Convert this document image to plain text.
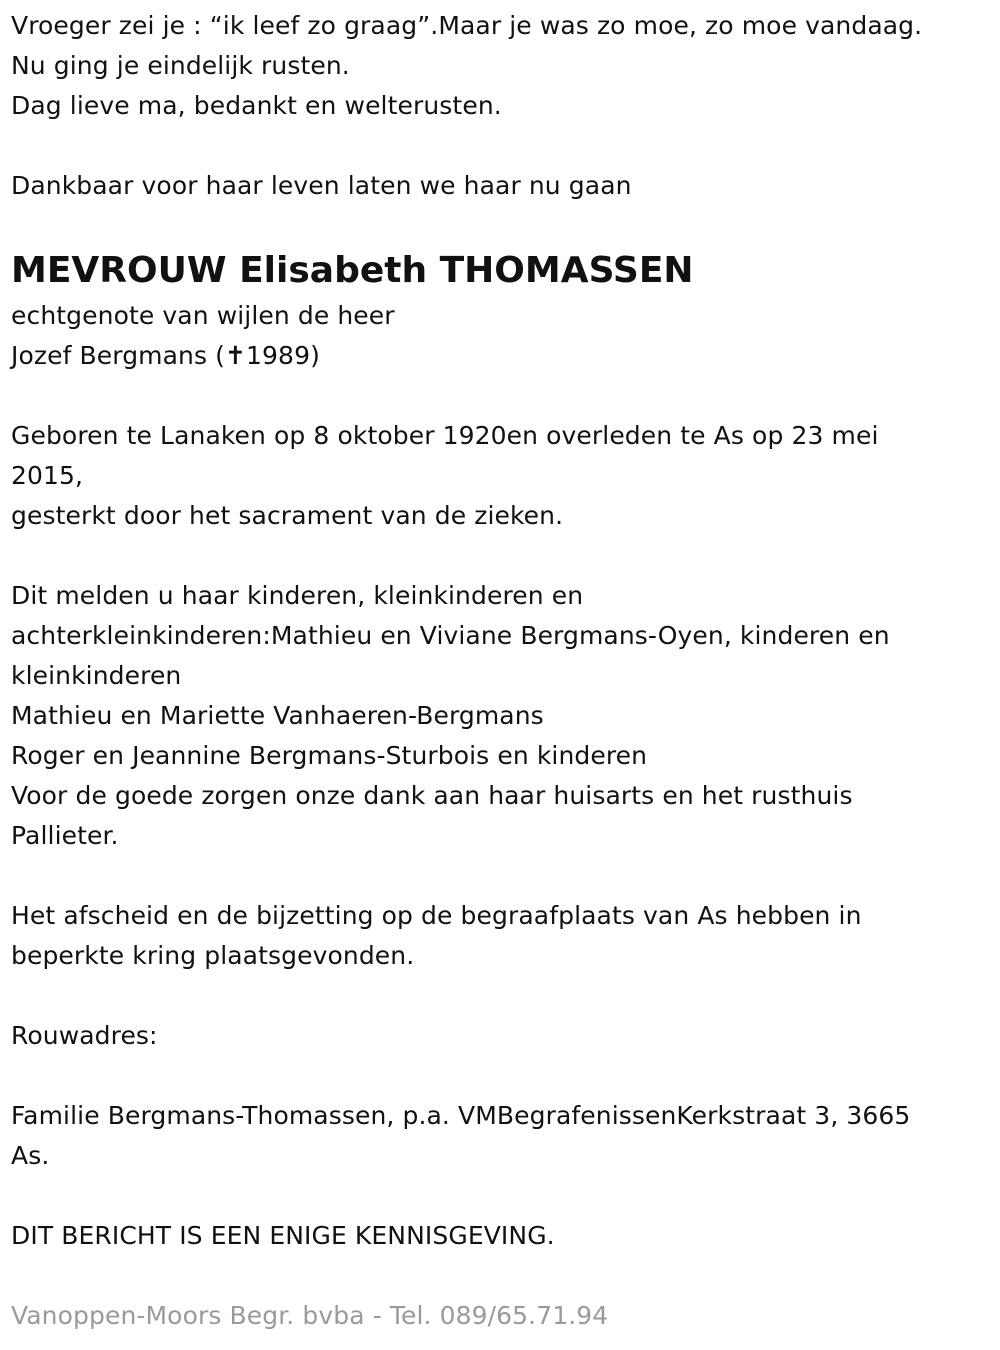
Vroeger zei je : “ik leef zo graag”.Maar je was zo moe, zo moe vandaag.
Nu ging je eindelijk rusten.
Dag lieve ma, bedankt en welterusten.
Dankbaar voor haar leven laten we haar nu gaan
MEVROUW Elisabeth THOMASSEN
echtgenote van wijlen de heer
Jozef Bergmans (✝1989)
Geboren te Lanaken op 8 oktober 1920en overleden te As op 23 mei
2015,
gesterkt door het sacrament van de zieken.
Dit melden u haar kinderen, kleinkinderen en
achterkleinkinderen:Mathieu en Viviane Bergmans-Oyen, kinderen en
kleinkinderen
Mathieu en Mariette Vanhaeren-Bergmans
Roger en Jeannine Bergmans-Sturbois en kinderen
Voor de goede zorgen onze dank aan haar huisarts en het rusthuis
Pallieter.
Het afscheid en de bijzetting op de begraafplaats van As hebben in
beperkte kring plaatsgevonden.
Rouwadres:
Familie Bergmans-Thomassen, p.a. VMBegrafenissenKerkstraat 3, 3665
As.
DIT BERICHT IS EEN ENIGE KENNISGEVING.
Vanoppen-Moors Begr. bvba - Tel. 089/65.71.94
